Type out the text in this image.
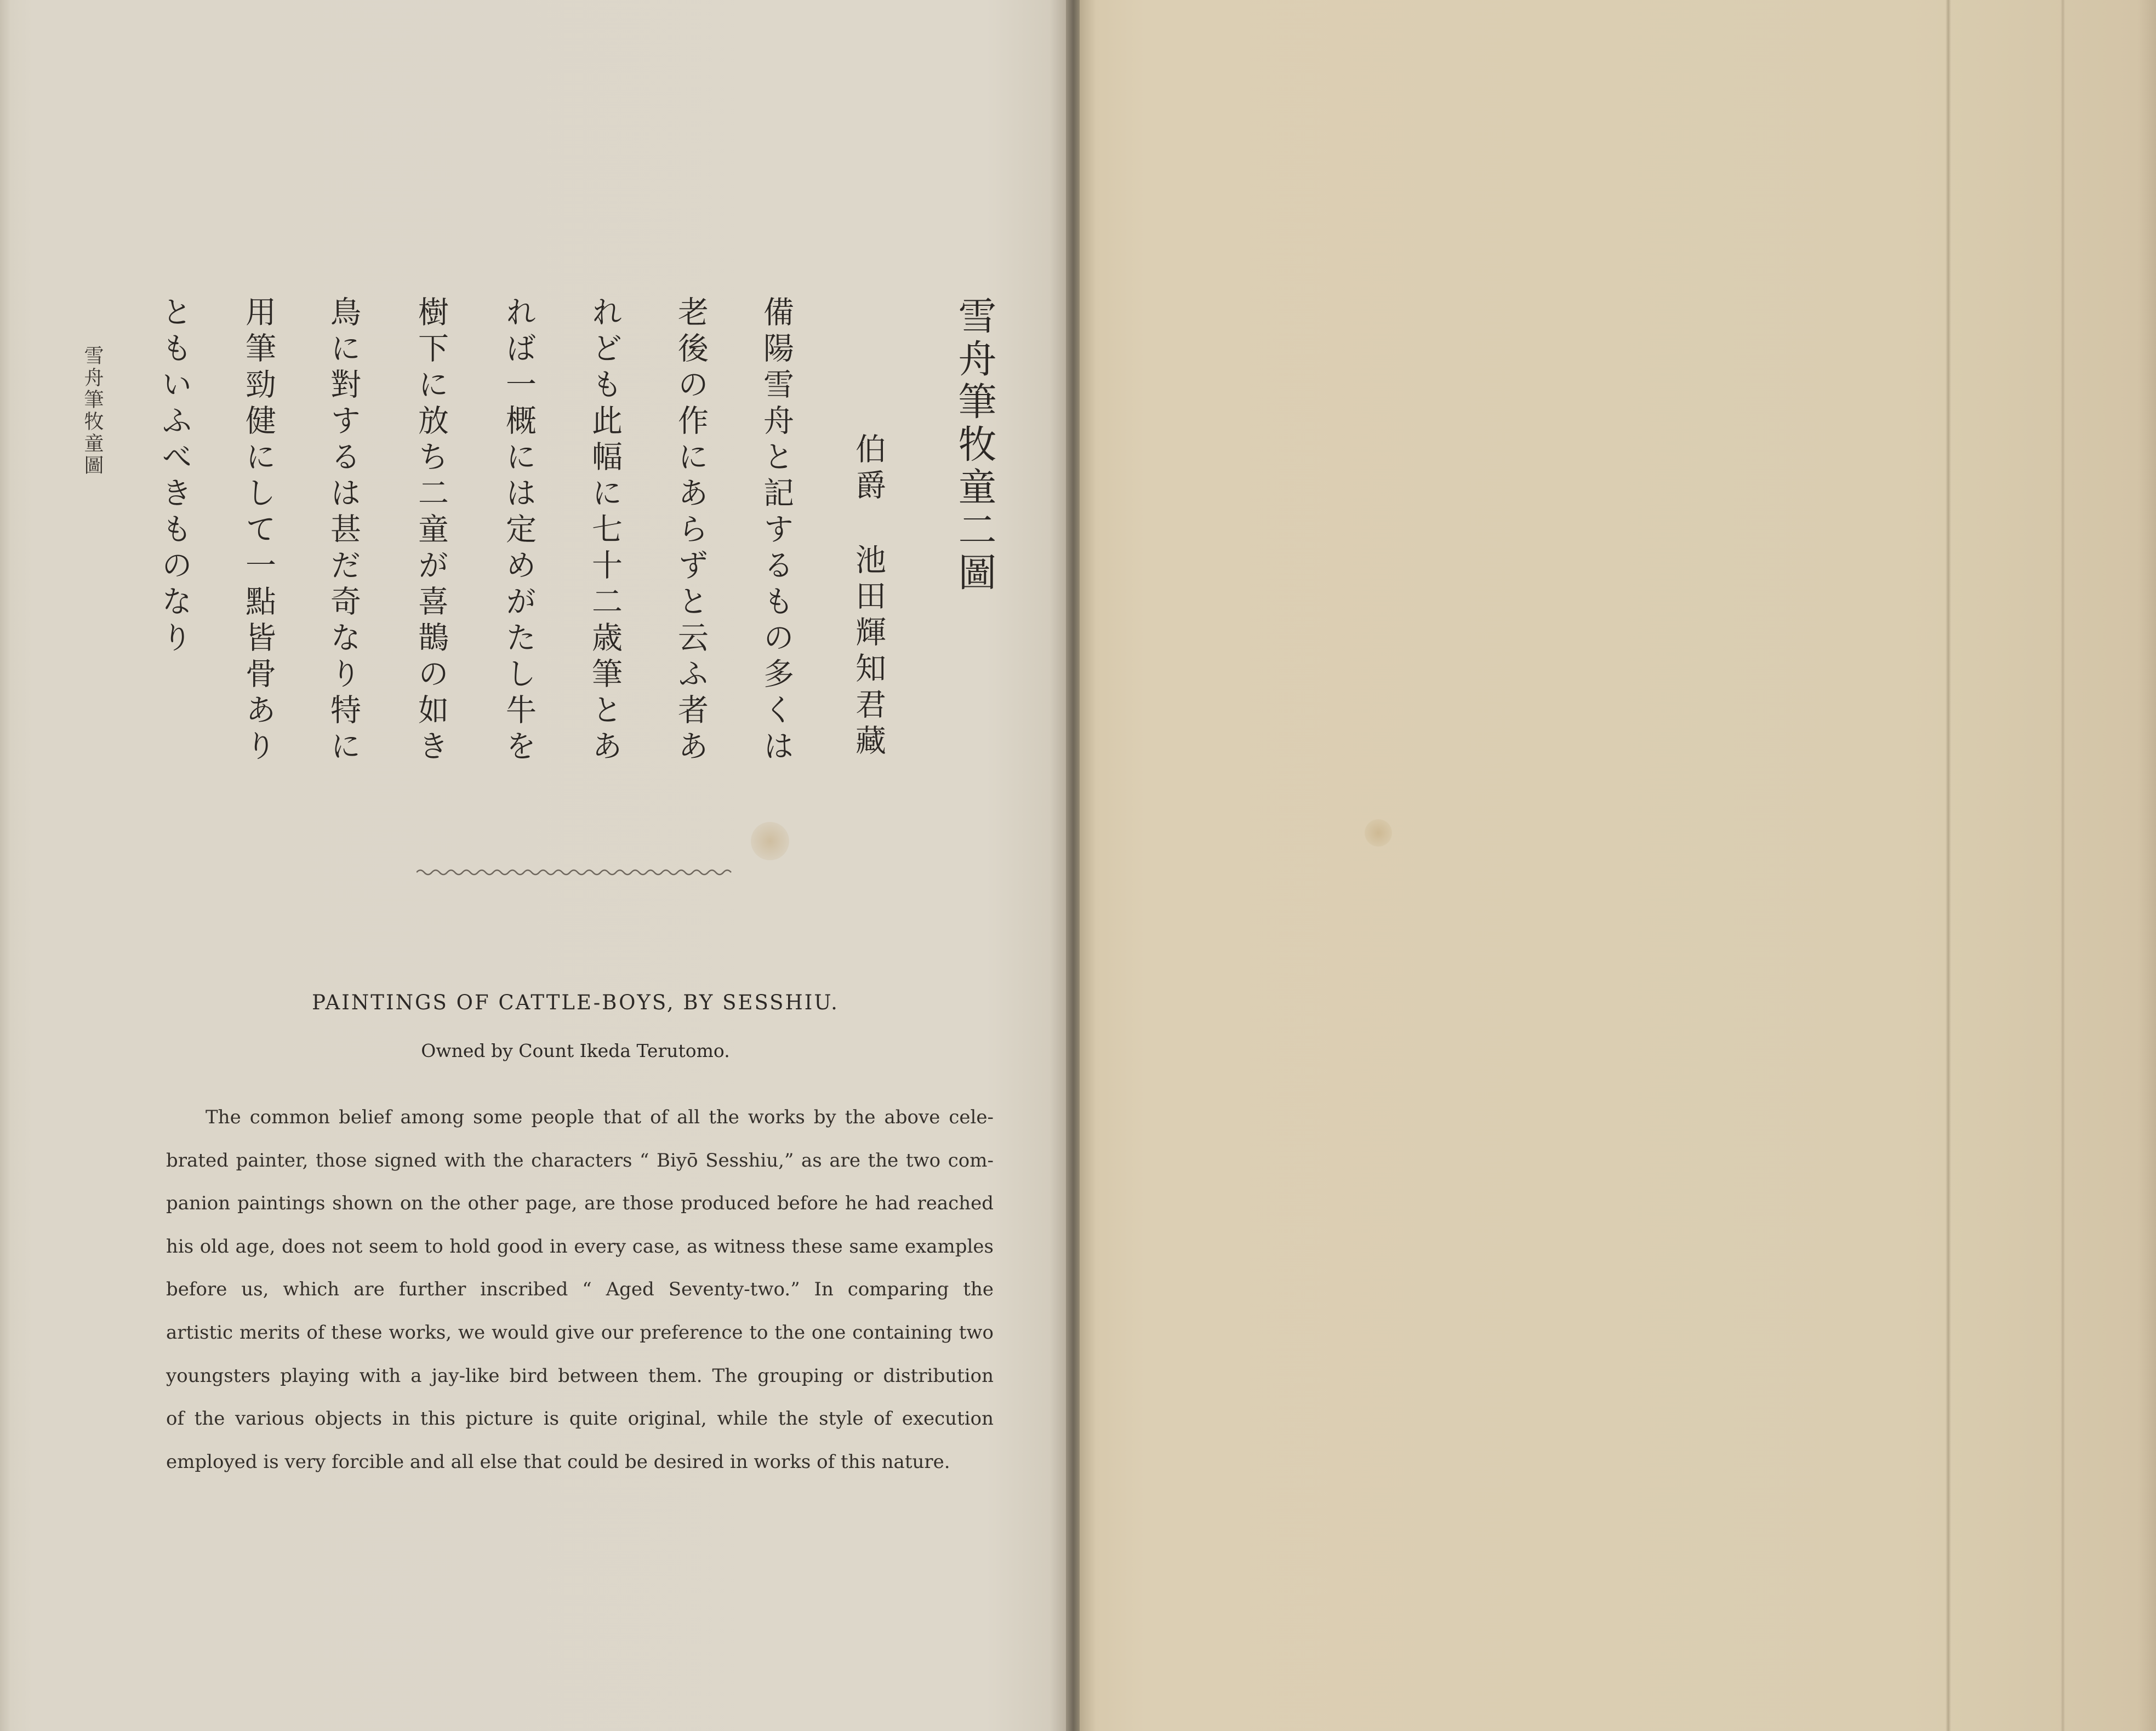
雪舟筆牧童二圖
伯爵池田輝知君藏
備陽雪舟と記するもの多くは
老後の作にあらずと云ふ者あ
れども此幅に七十二歳筆とあ
れば一概には定めがたし牛を
樹下に放ち二童が喜鵲の如き
鳥に對するは甚だ奇なり特に
用筆勁健にして一點皆骨あり
ともいふべきものなり
雪舟筆牧童圖
PAINTINGS OF CATTLE-BOYS, BY SESSHIU.
Owned by Count Ikeda Terutomo.
The common belief among some people that of all the works by the above cele-
brated painter, those signed with the characters “ Biyō Sesshiu,” as are the two com-
panion paintings shown on the other page, are those produced before he had reached
his old age, does not seem to hold good in every case, as witness these same examples
before us, which are further inscribed “ Aged Seventy-two.” In comparing the
artistic merits of these works, we would give our preference to the one containing two
youngsters playing with a jay-like bird between them. The grouping or distribution
of the various objects in this picture is quite original, while the style of execution
employed is very forcible and all else that could be desired in works of this nature.
